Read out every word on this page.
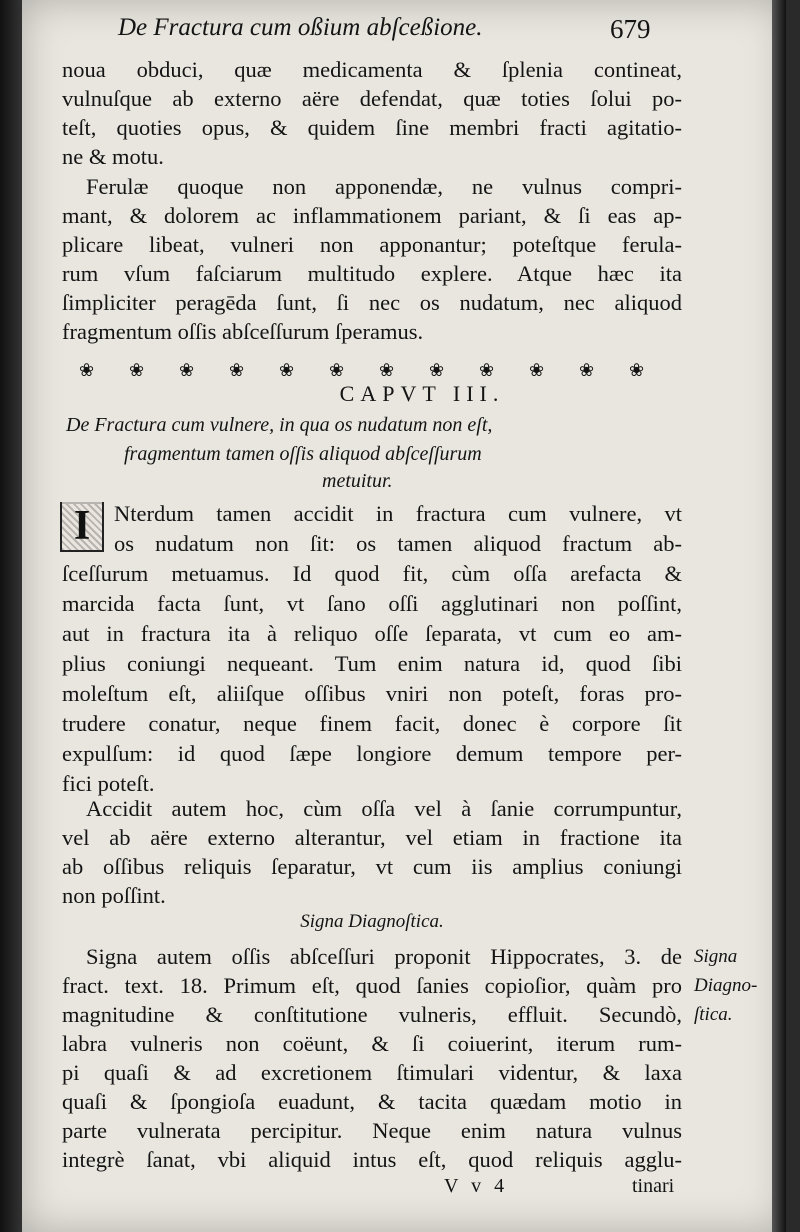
De Fractura cum oßium abſceßione.	679
noua obduci, quæ medicamenta & ſplenia contineat,
vulnuſque ab externo aëre defendat, quæ toties ſolui po-
teſt, quoties opus, & quidem ſine membri fracti agitatio-
ne & motu.
Ferulæ quoque non apponendæ, ne vulnus compri-
mant, & dolorem ac inflammationem pariant, & ſi eas ap-
plicare libeat, vulneri non apponantur; poteſtque ferula-
rum vſum faſciarum multitudo explere. Atque hæc ita
ſimpliciter peragēda ſunt, ſi nec os nudatum, nec aliquod
fragmentum oſſis abſceſſurum ſperamus.
❀ ❀ ❀ ❀ ❀ ❀ ❀ ❀ ❀ ❀ ❀ ❀
CAPVT III.
De Fractura cum vulnere, in qua os nudatum non eſt,
fragmentum tamen oſſis aliquod abſceſſurum
metuitur.
I	Nterdum tamen accidit in fractura cum vulnere, vt
os nudatum non ſit: os tamen aliquod fractum ab-
ſceſſurum metuamus. Id quod fit, cùm oſſa arefacta &
marcida facta ſunt, vt ſano oſſi agglutinari non poſſint,
aut in fractura ita à reliquo oſſe ſeparata, vt cum eo am-
plius coniungi nequeant. Tum enim natura id, quod ſibi
moleſtum eſt, aliiſque oſſibus vniri non poteſt, foras pro-
trudere conatur, neque finem facit, donec è corpore ſit
expulſum: id quod ſæpe longiore demum tempore per-
fici poteſt.
Accidit autem hoc, cùm oſſa vel à ſanie corrumpuntur,
vel ab aëre externo alterantur, vel etiam in fractione ita
ab oſſibus reliquis ſeparatur, vt cum iis amplius coniungi
non poſſint.
Signa Diagnoſtica.
Signa autem oſſis abſceſſuri proponit Hippocrates, 3. de
fract. text. 18. Primum eſt, quod ſanies copioſior, quàm pro
magnitudine & conſtitutione vulneris, effluit. Secundò,
labra vulneris non coëunt, & ſi coiuerint, iterum rum-
pi quaſi & ad excretionem ſtimulari videntur, & laxa
quaſi & ſpongioſa euadunt, & tacita quædam motio in
parte vulnerata percipitur. Neque enim natura vulnus
integrè ſanat, vbi aliquid intus eſt, quod reliquis agglu-
Signa
Diagno-
ſtica.
V v 4	tinari
